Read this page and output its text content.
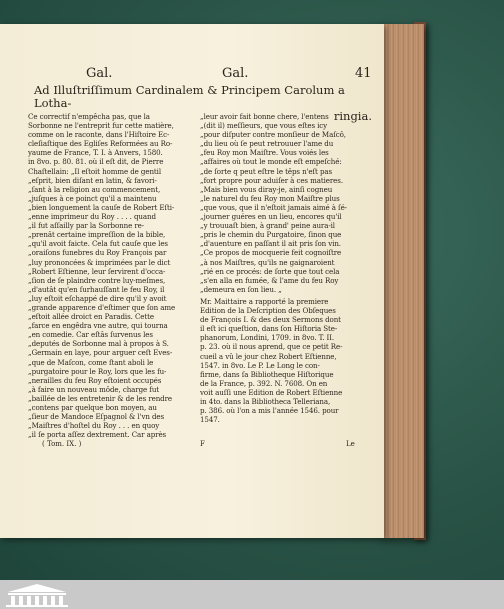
Gal.	Gal.	41
Ad Illuſtriſſimum Cardinalem & Principem Carolum a Lotha-
ringia.
Ce correctif n'empêcha pas, que la
Sorbonne ne l'entreprit fur cette matière,
comme on le raconte, dans l'Hiſtoire Ec-
cleſiaſtique des Egliſes Reformées au Ro-
yaume de France, T. I. à Anvers, 1580.
in 8vo. p. 80. 81. où il eſt dit, de Pierre
Chaſtellain: „Il eſtoit homme de gentil
„eſprit, bien diſant en latin, & favori-
„ſant à la religion au commencement,
„juſques à ce poinct qu'il a maintenu
„bien longuement la cauſe de Robert Eſti-
„enne imprimeur du Roy . . . . quand
„il fut aſſailly par la Sorbonne re-
„prenât certaine impreſſion de la bible,
„qu'il avoit faicte. Cela fut cauſe que les
„oraiſons funebres du Roy François par
„luy prononcées & imprimées par le dict
„Robert Eſtienne, leur ſervirent d'occa-
„ſion de ſe plaindre contre luy-meſmes,
„d'autât qu'en ſurhauſſant le feu Roy, il
„luy eſtoit eſchappé de dire qu'il y avoit
„grande apparence d'eſtimer que ſon ame
„eſtoit allée droict en Paradis. Cette
„farce en engêdra vne autre, qui tourna
„en comedie. Car eſtâs ſurvenus les
„deputés de Sorbonne mal à propos à S.
„Germain en laye, pour arguer ceſt Eves-
„que de Maſcon, come ſtant aboli le
„purgatoire pour le Roy, lors que les fu-
„nerailles du feu Roy eſtoient occupés
„à faire un nouveau môde, charge fut
„baillée de les entretenir & de les rendre
„contens par quelque bon moyen, au
„ſieur de Mandoce Eſpagnol & l'vn des
„Maiſtres d'hoſtel du Roy . . . en quoy
„il ſe porta aſſez dextrement. Car après
„leur avoir fait bonne chere, l'entens
„(dit il) meſſieurs, que vous eſtes icy
„pour diſputer contre monſieur de Maſcô,
„du lieu où ſe peut retrouuer l'ame du
„feu Roy mon Maiſtre. Vous voiés les
„affaires où tout le monde eſt empeſché:
„de ſorte q peut eſtre le têps n'eſt pas
„fort propre pour aduiſer à ces matieres.
„Mais bien vous diray-je, ainſi cogneu
„le naturel du feu Roy mon Maiſtre plus
„que vous, que il n'eſtoit jamais aimé à ſé-
„journer guéres en un lieu, encores qu'il
„y trouuaſt bien, à grand' peine aura-il
„pris le chemin du Purgatoire, ſinon que
„d'auenture en paſſant il ait pris ſon vin.
„Ce propos de mocquerie feit cognoiſtre
„à nos Maiſtres, qu'ils ne gaignaroient
„rié en ce procés: de ſorte que tout cela
„s'en alla en fumée, & l'ame du feu Roy
„demeura en ſon lieu. „
Mr. Maittaire a rapporté la premiere
Edition de la Deſcription des Obſeques
de François I. & des deux Sermons dont
il eſt ici queſtion, dans ſon Hiſtoria Ste-
phanorum, Londini, 1709. in 8vo. T. II.
p. 23. où il nous aprend, que ce petit Re-
cueil a vû le jour chez Robert Eſtienne,
1547. in 8vo. Le P. Le Long le con-
firme, dans ſa Bibliotheque Hiſtorique
de la France, p. 392. N. 7608. On en
voit auſſi une Edition de Robert Eſtienne
in 4to. dans la Bibliotheca Telleriana,
p. 386. où l'on a mis l'année 1546. pour
1547.
( Tom. IX. )	F	Le
